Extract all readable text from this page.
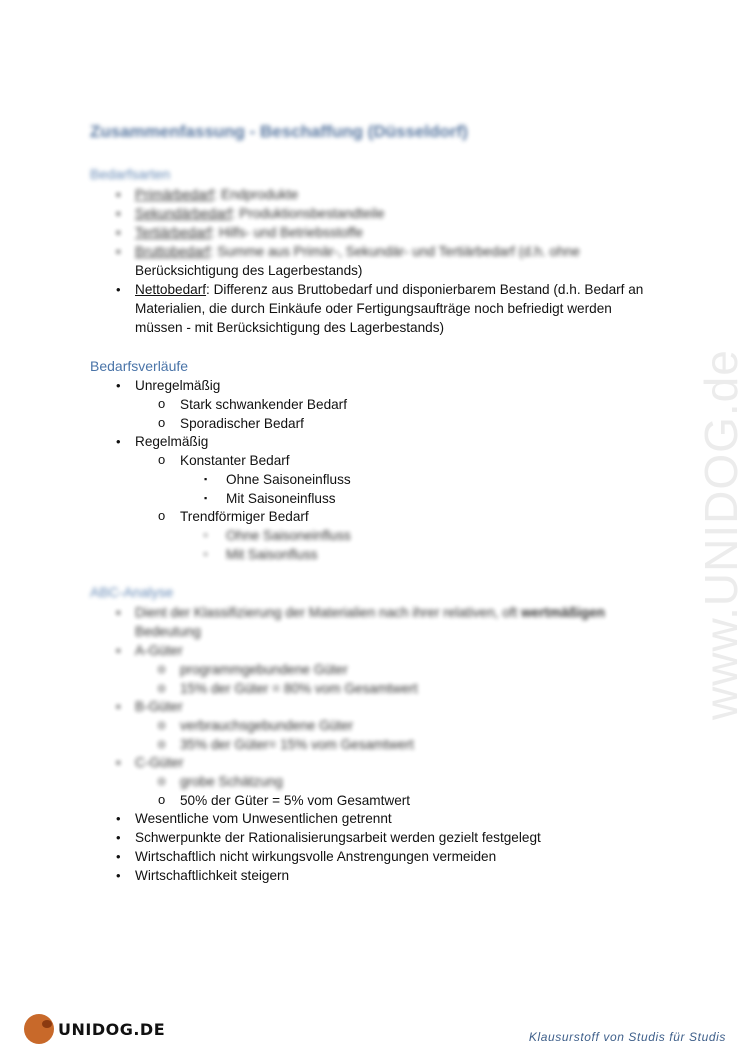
www.UNIDOG.de
Zusammenfassung - Beschaffung (Düsseldorf)
Bedarfsarten
• Primärbedarf: Endprodukte
• Sekundärbedarf: Produktionsbestandteile
• Tertiärbedarf: Hilfs- und Betriebsstoffe
• Bruttobedarf: Summe aus Primär-, Sekundär- und Tertiärbedarf (d.h. ohne
Berücksichtigung des Lagerbestands)
• Nettobedarf: Differenz aus Bruttobedarf und disponierbarem Bestand (d.h. Bedarf an
Materialien, die durch Einkäufe oder Fertigungsaufträge noch befriedigt werden
müssen - mit Berücksichtigung des Lagerbestands)
Bedarfsverläufe
• Unregelmäßig
o Stark schwankender Bedarf
o Sporadischer Bedarf
• Regelmäßig
o Konstanter Bedarf
▪ Ohne Saisoneinfluss
▪ Mit Saisoneinfluss
o Trendförmiger Bedarf
▪ Ohne Saisoneinfluss
▪ Mit Saisonfluss
ABC-Analyse
• Dient der Klassifizierung der Materialien nach ihrer relativen, oft wertmäßigen
Bedeutung
• A-Güter
o programmgebundene Güter
o 15% der Güter = 80% vom Gesamtwert
• B-Güter
o verbrauchsgebundene Güter
o 35% der Güter= 15% vom Gesamtwert
• C-Güter
o grobe Schätzung
o 50% der Güter = 5% vom Gesamtwert
• Wesentliche vom Unwesentlichen getrennt
• Schwerpunkte der Rationalisierungsarbeit werden gezielt festgelegt
• Wirtschaftlich nicht wirkungsvolle Anstrengungen vermeiden
• Wirtschaftlichkeit steigern
UNIDOG.DE	Klausurstoff von Studis für Studis
